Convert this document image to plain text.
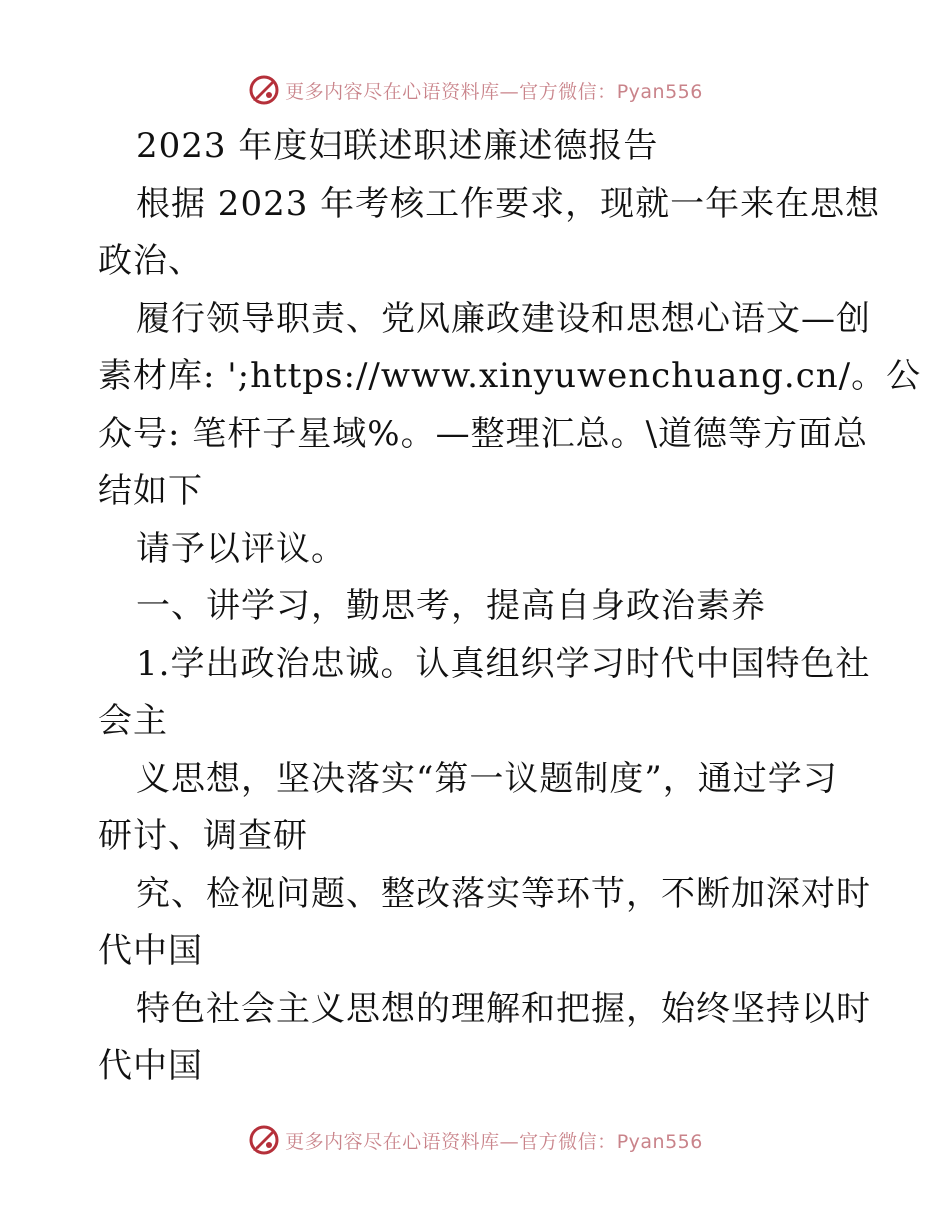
更多内容尽在心语资料库—官方微信：Pyan556
2023 年度妇联述职述廉述德报告
根据 2023 年考核工作要求，现就一年来在思想
政治、
履行领导职责、党风廉政建设和思想心语文—创
素材库: ';https://www.xinyuwenchuang.cn/。公
众号: 笔杆子星域%。—整理汇总。\道德等方面总
结如下
请予以评议。
一、讲学习，勤思考，提高自身政治素养
1.学出政治忠诚。认真组织学习时代中国特色社
会主
义思想，坚决落实“第一议题制度”，通过学习
研讨、调查研
究、检视问题、整改落实等环节，不断加深对时
代中国
特色社会主义思想的理解和把握，始终坚持以时
代中国
更多内容尽在心语资料库—官方微信：Pyan556
